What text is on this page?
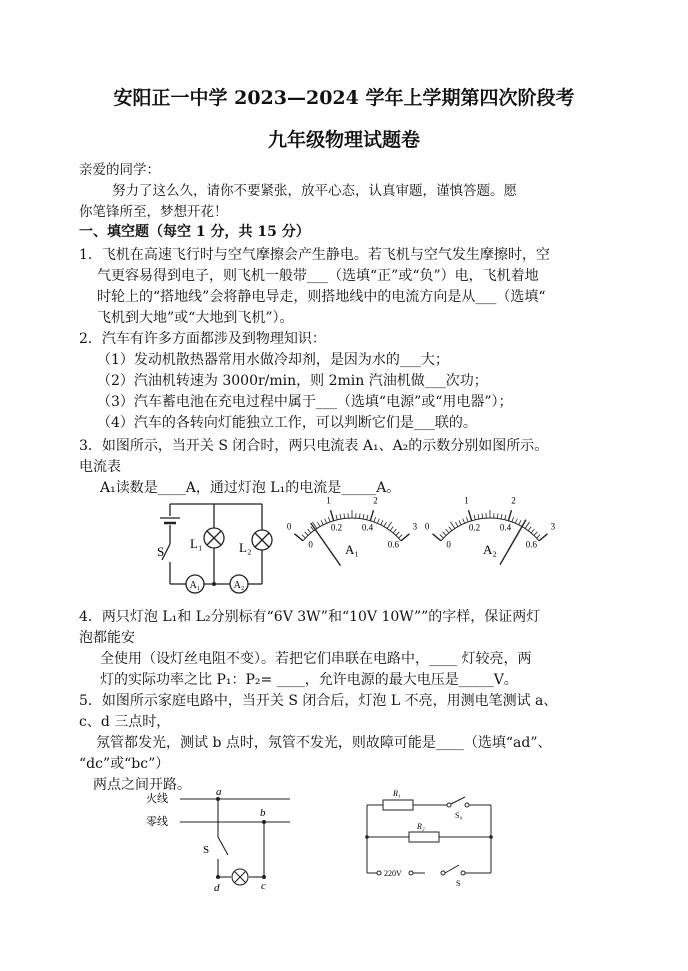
安阳正一中学 2023—2024 学年上学期第四次阶段考
九年级物理试题卷
亲爱的同学：
努力了这么久，请你不要紧张，放平心态，认真审题，谨慎答题。愿
你笔锋所至，梦想开花！
一、填空题（每空 1 分，共 15 分）
1．飞机在高速飞行时与空气摩擦会产生静电。若飞机与空气发生摩擦时，空
气更容易得到电子，则飞机一般带___（选填“正”或“负”）电，飞机着地
时轮上的“搭地线”会将静电导走，则搭地线中的电流方向是从___（选填“
飞机到大地”或“大地到飞机”）。
2．汽车有许多方面都涉及到物理知识：
（1）发动机散热器常用水做冷却剂，是因为水的___大；
（2）汽油机转速为 3000r/min，则 2min 汽油机做___次功；
（3）汽车蓄电池在充电过程中属于___（选填“电源”或“用电器”）；
（4）汽车的各转向灯能独立工作，可以判断它们是___联的。
3．如图所示，当开关 S 闭合时，两只电流表 A₁、A₂的示数分别如图所示。
电流表
A₁读数是____A，通过灯泡 L₁的电流是_____A。
S
L₁	L₂
A₁	A₂
0
1	2
3
0
0.2 0.4
0.6
A₁
0
1	2
3
0
0.2 0.4
0.6
A₂
4．两只灯泡 L₁和 L₂分别标有“6V 3W”和“10V 10W””的字样，保证两灯
泡都能安
全使用（设灯丝电阻不变）。若把它们串联在电路中，____ 灯较亮，两
灯的实际功率之比 P₁：P₂= ____，允许电源的最大电压是_____V。
5．如图所示家庭电路中，当开关 S 闭合后，灯泡 L 不亮，用测电笔测试 a、
c、d 三点时，
氖管都发光，测试 b 点时，氖管不发光，则故障可能是____（选填“ad”、
“dc”或“bc”）
两点之间开路。
火线
零线
a
b
c
d
S
R₁
R₂
S₀
220V
S
